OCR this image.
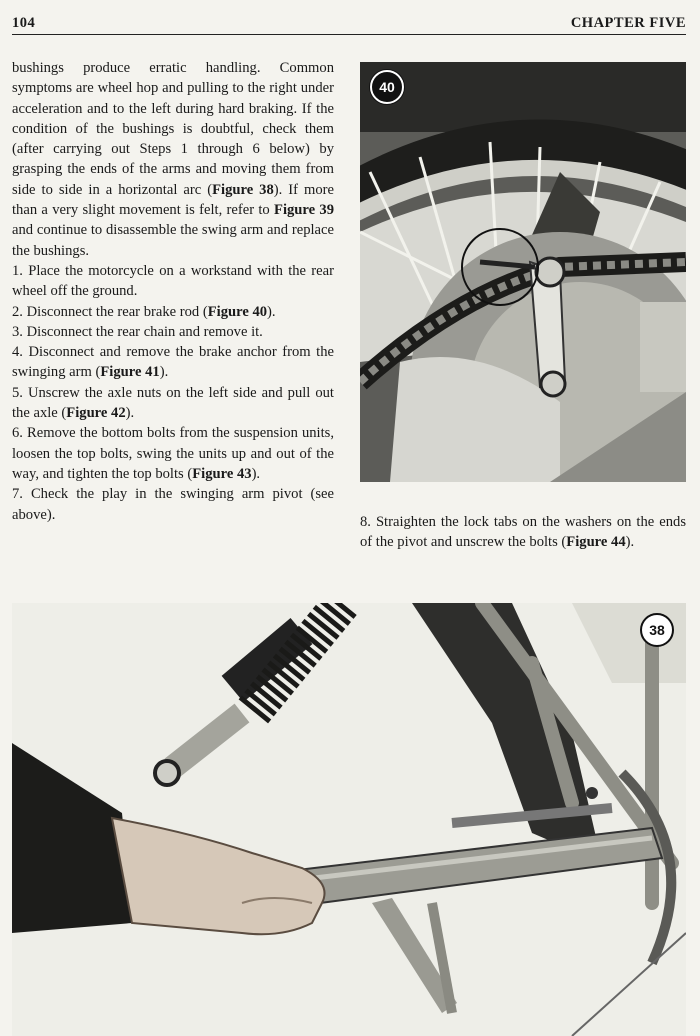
104	CHAPTER FIVE

bushings produce erratic handling. Common symptoms are wheel hop and pulling to the right under acceleration and to the left during hard braking. If the condition of the bushings is doubtful, check them (after carrying out Steps 1 through 6 below) by grasping the ends of the arms and moving them from side to side in a horizontal arc (Figure 38). If more than a very slight movement is felt, refer to Figure 39 and continue to disassemble the swing arm and replace the bushings.

1. Place the motorcycle on a workstand with the rear wheel off the ground.
2. Disconnect the rear brake rod (Figure 40).
3. Disconnect the rear chain and remove it.
4. Disconnect and remove the brake anchor from the swinging arm (Figure 41).
5. Unscrew the axle nuts on the left side and pull out the axle (Figure 42).
6. Remove the bottom bolts from the suspension units, loosen the top bolts, swing the units up and out of the way, and tighten the top bolts (Figure 43).
7. Check the play in the swinging arm pivot (see above).
40

8. Straighten the lock tabs on the washers on the ends of the pivot and unscrew the bolts (Figure 44).

38
